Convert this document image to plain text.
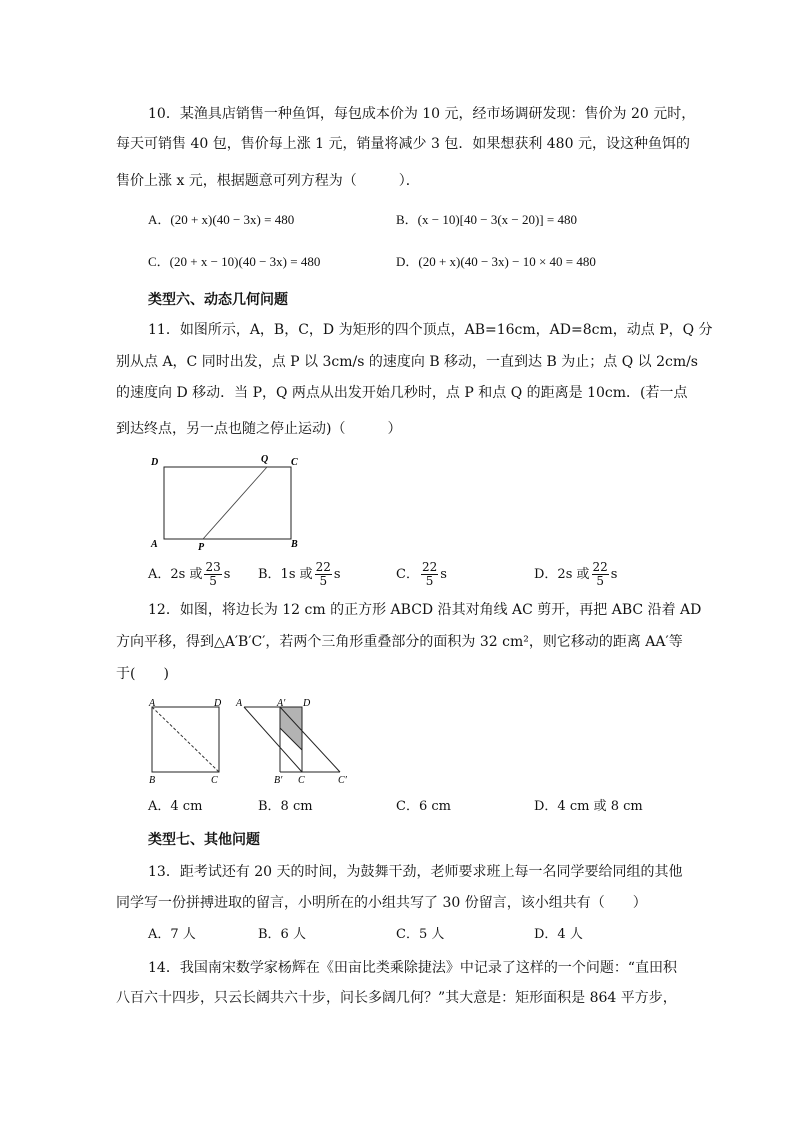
10．某渔具店销售一种鱼饵，每包成本价为 10 元，经市场调研发现：售价为 20 元时，
每天可销售 40 包，售价每上涨 1 元，销量将减少 3 包．如果想获利 480 元，设这种鱼饵的
售价上涨 x 元，根据题意可列方程为（　　　）．
A．(20 + x)(40 − 3x) = 480	B．(x − 10)[40 − 3(x − 20)] = 480
C．(20 + x − 10)(40 − 3x) = 480	D．(20 + x)(40 − 3x) − 10 × 40 = 480
类型六、动态几何问题
11．如图所示，A，B，C，D 为矩形的四个顶点，AB=16cm，AD=8cm，动点 P，Q 分
别从点 A，C 同时出发，点 P 以 3cm/s 的速度向 B 移动，一直到达 B 为止；点 Q 以 2cm/s
的速度向 D 移动．当 P，Q 两点从出发开始几秒时，点 P 和点 Q 的距离是 10cm．(若一点
到达终点，另一点也随之停止运动)（　　　）
D	Q C
A	P	B
A．2s 或 $\frac{23}{5}$ s B．1s 或 $\frac{22}{5}$ s	C． $\frac{22}{5}$ s	D．2s 或 $\frac{22}{5}$ s
12．如图，将边长为 12 cm 的正方形 ABCD 沿其对角线 AC 剪开，再把 ABC 沿着 AD
方向平移，得到△A′B′C′，若两个三角形重叠部分的面积为 32 cm²，则它移动的距离 AA′等
于(　　)
A	D
B	C
A	A′ D
B′ C	C′
A．4 cm	B．8 cm	C．6 cm	D．4 cm 或 8 cm
类型七、其他问题
13．距考试还有 20 天的时间，为鼓舞干劲，老师要求班上每一名同学要给同组的其他
同学写一份拼搏进取的留言，小明所在的小组共写了 30 份留言，该小组共有（　　）
A．7 人	B．6 人	C．5 人	D．4 人
14．我国南宋数学家杨辉在《田亩比类乘除捷法》中记录了这样的一个问题：“直田积
八百六十四步，只云长阔共六十步，问长多阔几何？”其大意是：矩形面积是 864 平方步，
